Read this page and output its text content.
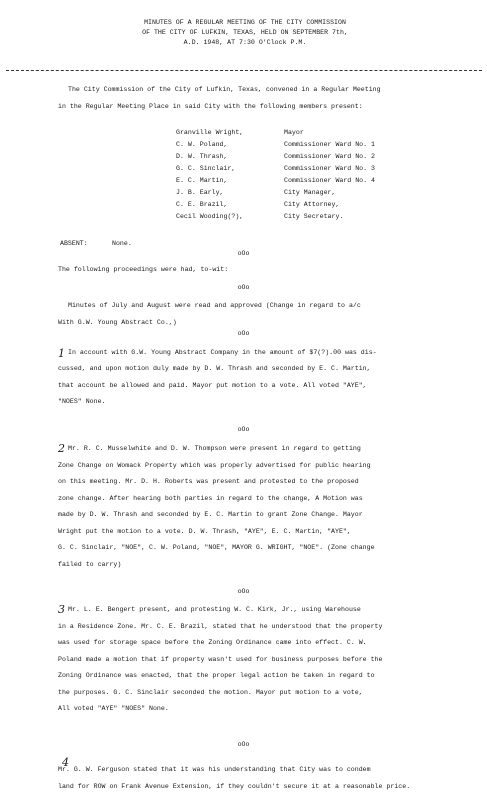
MINUTES OF A REGULAR MEETING OF THE CITY COMMISSION
OF THE CITY OF LUFKIN, TEXAS, HELD ON SEPTEMBER 7th,
A.D. 1948, AT 7:30 O'Clock P.M.
The City Commission of the City of Lufkin, Texas, convened in a Regular Meeting
in the Regular Meeting Place in said City with the following members present:
Granville Wright,	Mayor
C. W. Poland,	Commissioner Ward No. 1
D. W. Thrash,	Commissioner Ward No. 2
G. C. Sinclair,	Commissioner Ward No. 3
E. C. Martin,	Commissioner Ward No. 4
J. B. Early,	City Manager,
C. E. Brazil,	City Attorney,
Cecil Wooding(?),	City Secretary.
ABSENT:	None.
oOo
The following proceedings were had, to-wit:
oOo
Minutes of July and August were read and approved (Change in regard to a/c
With G.W. Young Abstract Co.,)
oOo
1 In account with G.W. Young Abstract Company in the amount of $7(?).00 was dis-
cussed, and upon motion duly made by D. W. Thrash and seconded by E. C. Martin,
that account be allowed and paid. Mayor put motion to a vote. All voted "AYE",
"NOES" None.
oOo
2 Mr. R. C. Musselwhite and D. W. Thompson were present in regard to getting
Zone Change on Womack Property which was properly advertised for public hearing
on this meeting. Mr. D. H. Roberts was present and protested to the proposed
zone change. After hearing both parties in regard to the change, A Motion was
made by D. W. Thrash and seconded by E. C. Martin to grant Zone Change. Mayor
Wright put the motion to a vote. D. W. Thrash, "AYE", E. C. Martin, "AYE",
G. C. Sinclair, "NOE", C. W. Poland, "NOE", MAYOR G. WRIGHT, "NOE". (Zone change
failed to carry)
oOo
3 Mr. L. E. Bengert present, and protesting W. C. Kirk, Jr., using Warehouse
in a Residence Zone. Mr. C. E. Brazil, stated that he understood that the property
was used for storage space before the Zoning Ordinance came into effect. C. W.
Poland made a motion that if property wasn't used for business purposes before the
Zoning Ordinance was enacted, that the proper legal action be taken in regard to
the purposes. G. C. Sinclair seconded the motion. Mayor put motion to a vote,
All voted "AYE" "NOES" None.
oOo
4
Mr. G. W. Ferguson stated that it was his understanding that City was to condem
land for ROW on Frank Avenue Extension, if they couldn't secure it at a reasonable price.
